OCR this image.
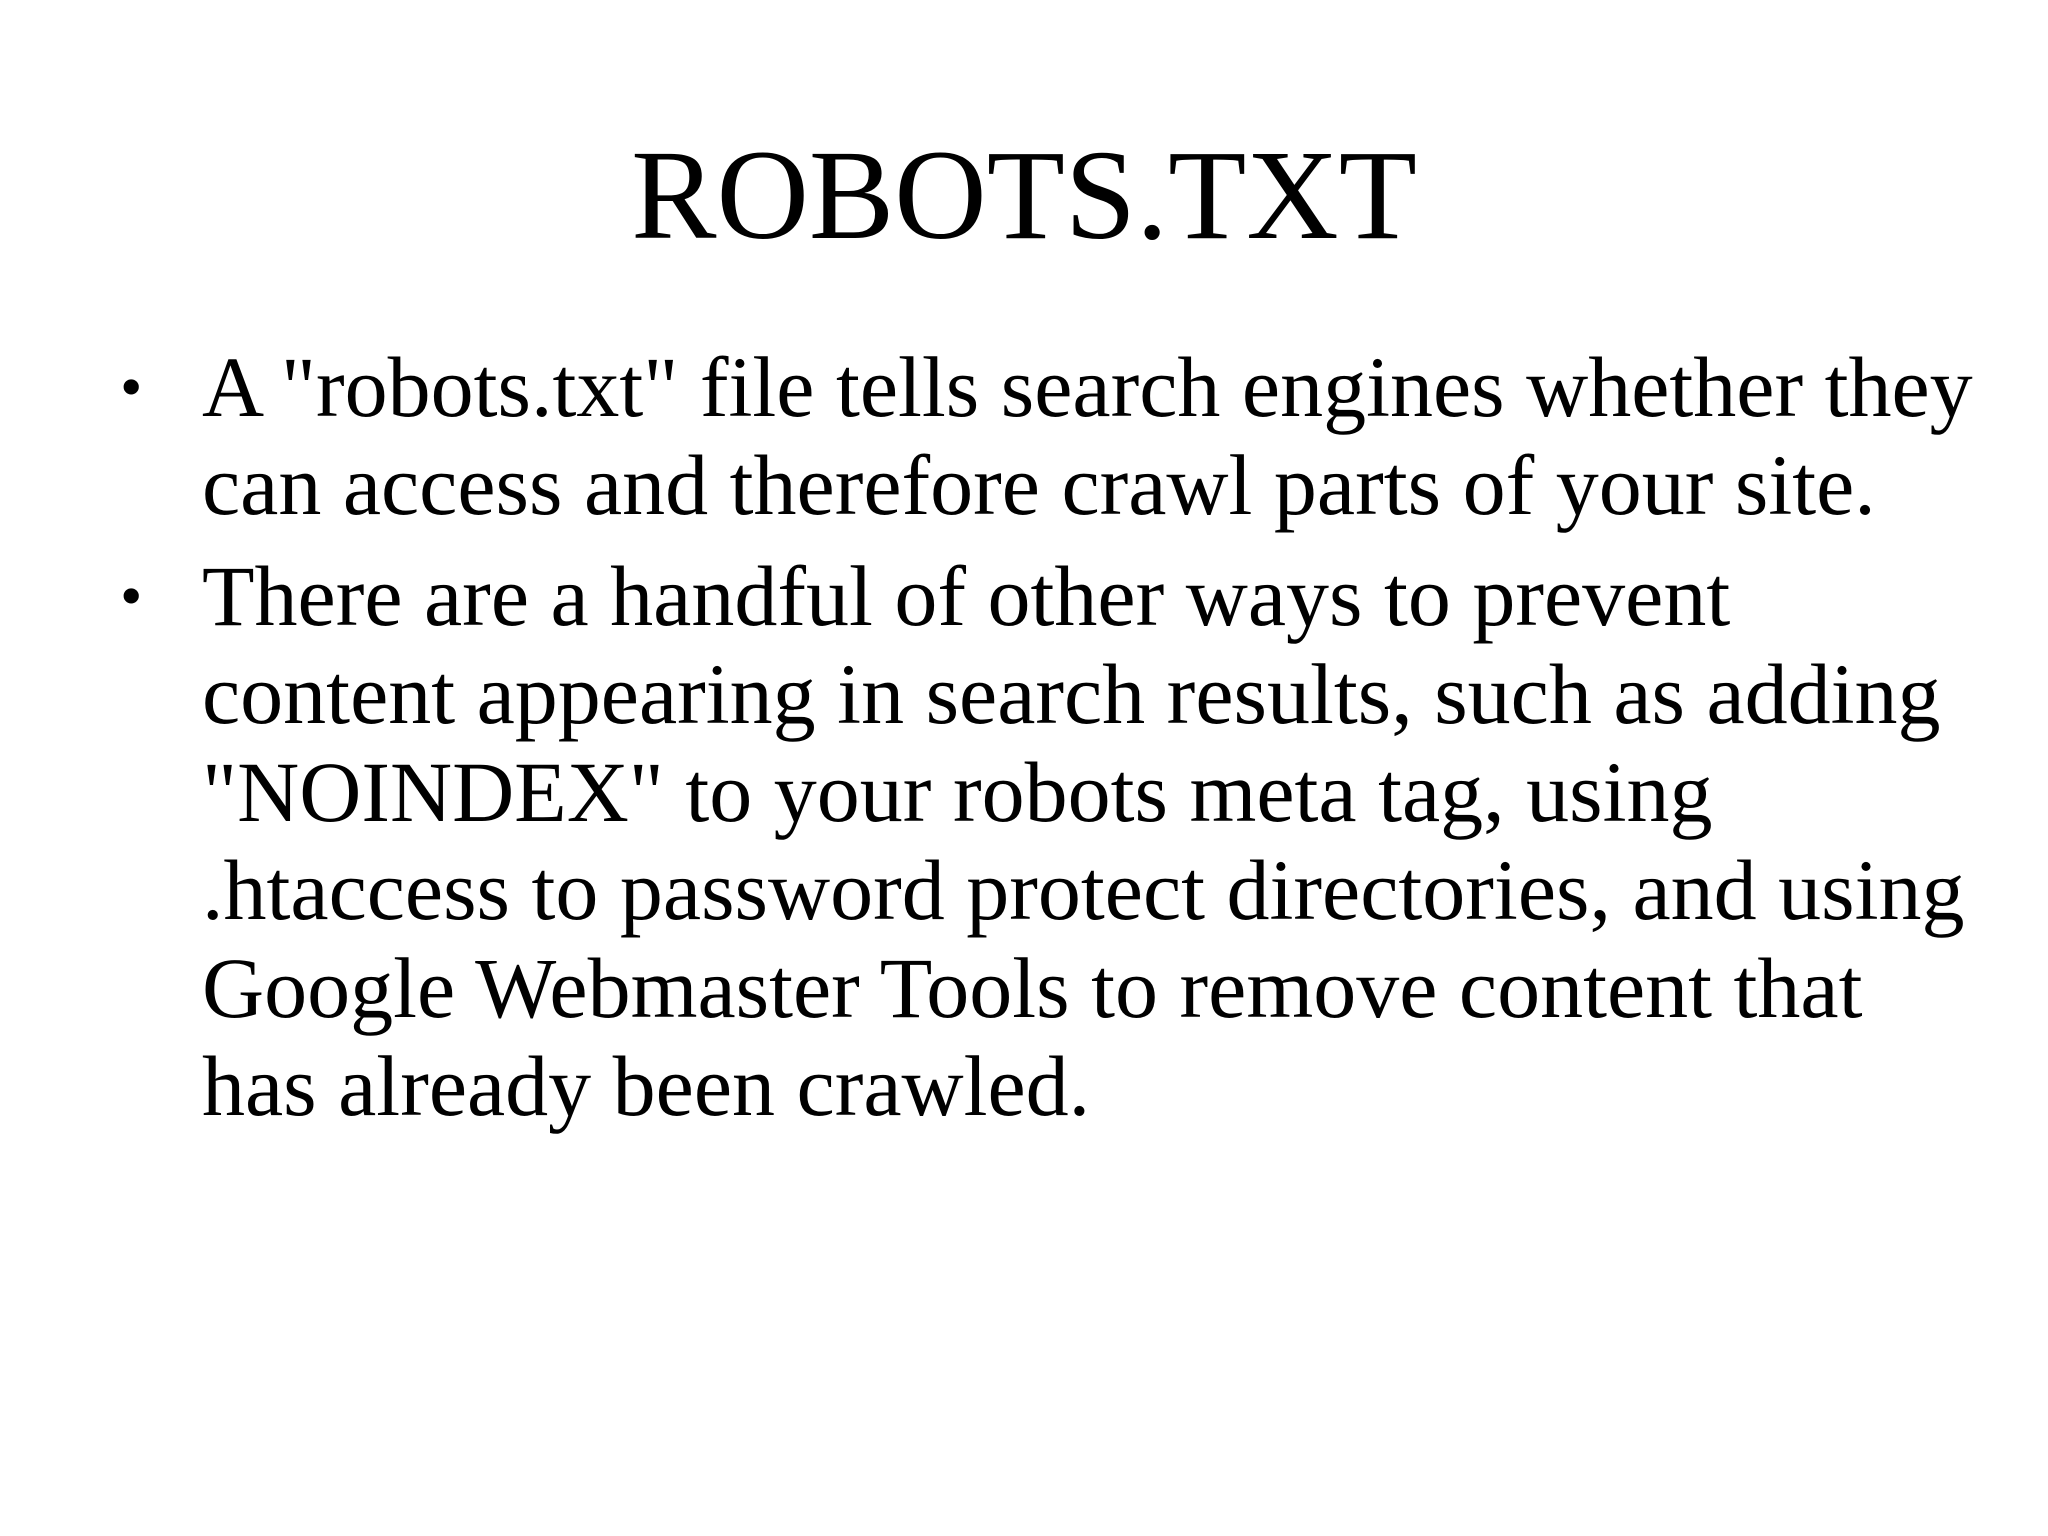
ROBOTS.TXT
• A "robots.txt" file tells search engines whether they can access and therefore crawl parts of your site.
• There are a handful of other ways to prevent content appearing in search results, such as adding "NOINDEX" to your robots meta tag, using .htaccess to password protect directories, and using Google Webmaster Tools to remove content that has already been crawled.
